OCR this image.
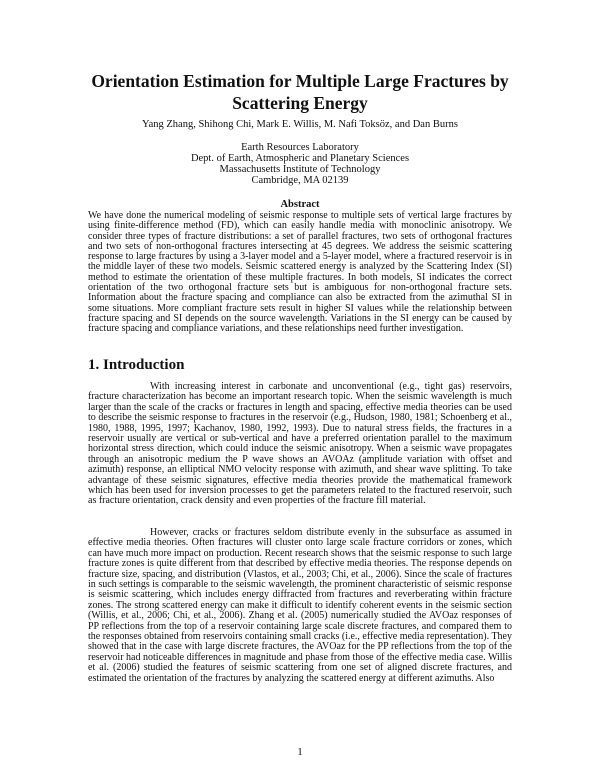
Orientation Estimation for Multiple Large Fractures by Scattering Energy

Yang Zhang, Shihong Chi, Mark E. Willis, M. Nafi Toksöz, and Dan Burns

Earth Resources Laboratory
Dept. of Earth, Atmospheric and Planetary Sciences
Massachusetts Institute of Technology
Cambridge, MA 02139
Abstract

We have done the numerical modeling of seismic response to multiple sets of vertical large fractures by using finite-difference method (FD), which can easily handle media with monoclinic anisotropy. We consider three types of fracture distributions: a set of parallel fractures, two sets of orthogonal fractures and two sets of non-orthogonal fractures intersecting at 45 degrees. We address the seismic scattering response to large fractures by using a 3-layer model and a 5-layer model, where a fractured reservoir is in the middle layer of these two models. Seismic scattered energy is analyzed by the Scattering Index (SI) method to estimate the orientation of these multiple fractures. In both models, SI indicates the correct orientation of the two orthogonal fracture sets but is ambiguous for non-orthogonal fracture sets. Information about the fracture spacing and compliance can also be extracted from the azimuthal SI in some situations. More compliant fracture sets result in higher SI values while the relationship between fracture spacing and SI depends on the source wavelength. Variations in the SI energy can be caused by fracture spacing and compliance variations, and these relationships need further investigation.

1. Introduction

With increasing interest in carbonate and unconventional (e.g., tight gas) reservoirs, fracture characterization has become an important research topic. When the seismic wavelength is much larger than the scale of the cracks or fractures in length and spacing, effective media theories can be used to describe the seismic response to fractures in the reservoir (e.g., Hudson, 1980, 1981; Schoenberg et al., 1980, 1988, 1995, 1997; Kachanov, 1980, 1992, 1993). Due to natural stress fields, the fractures in a reservoir usually are vertical or sub-vertical and have a preferred orientation parallel to the maximum horizontal stress direction, which could induce the seismic anisotropy. When a seismic wave propagates through an anisotropic medium the P wave shows an AVOAz (amplitude variation with offset and azimuth) response, an elliptical NMO velocity response with azimuth, and shear wave splitting. To take advantage of these seismic signatures, effective media theories provide the mathematical framework which has been used for inversion processes to get the parameters related to the fractured reservoir, such as fracture orientation, crack density and even properties of the fracture fill material.

However, cracks or fractures seldom distribute evenly in the subsurface as assumed in effective media theories. Often fractures will cluster onto large scale fracture corridors or zones, which can have much more impact on production. Recent research shows that the seismic response to such large fracture zones is quite different from that described by effective media theories. The response depends on fracture size, spacing, and distribution (Vlastos, et al., 2003; Chi, et al., 2006). Since the scale of fractures in such settings is comparable to the seismic wavelength, the prominent characteristic of seismic response is seismic scattering, which includes energy diffracted from fractures and reverberating within fracture zones. The strong scattered energy can make it difficult to identify coherent events in the seismic section (Willis, et al., 2006; Chi, et al., 2006). Zhang et al. (2005) numerically studied the AVOaz responses of PP reflections from the top of a reservoir containing large scale discrete fractures, and compared them to the responses obtained from reservoirs containing small cracks (i.e., effective media representation). They showed that in the case with large discrete fractures, the AVOaz for the PP reflections from the top of the reservoir had noticeable differences in magnitude and phase from those of the effective media case. Willis et al. (2006) studied the features of seismic scattering from one set of aligned discrete fractures, and estimated the orientation of the fractures by analyzing the scattered energy at different azimuths. Also

1
